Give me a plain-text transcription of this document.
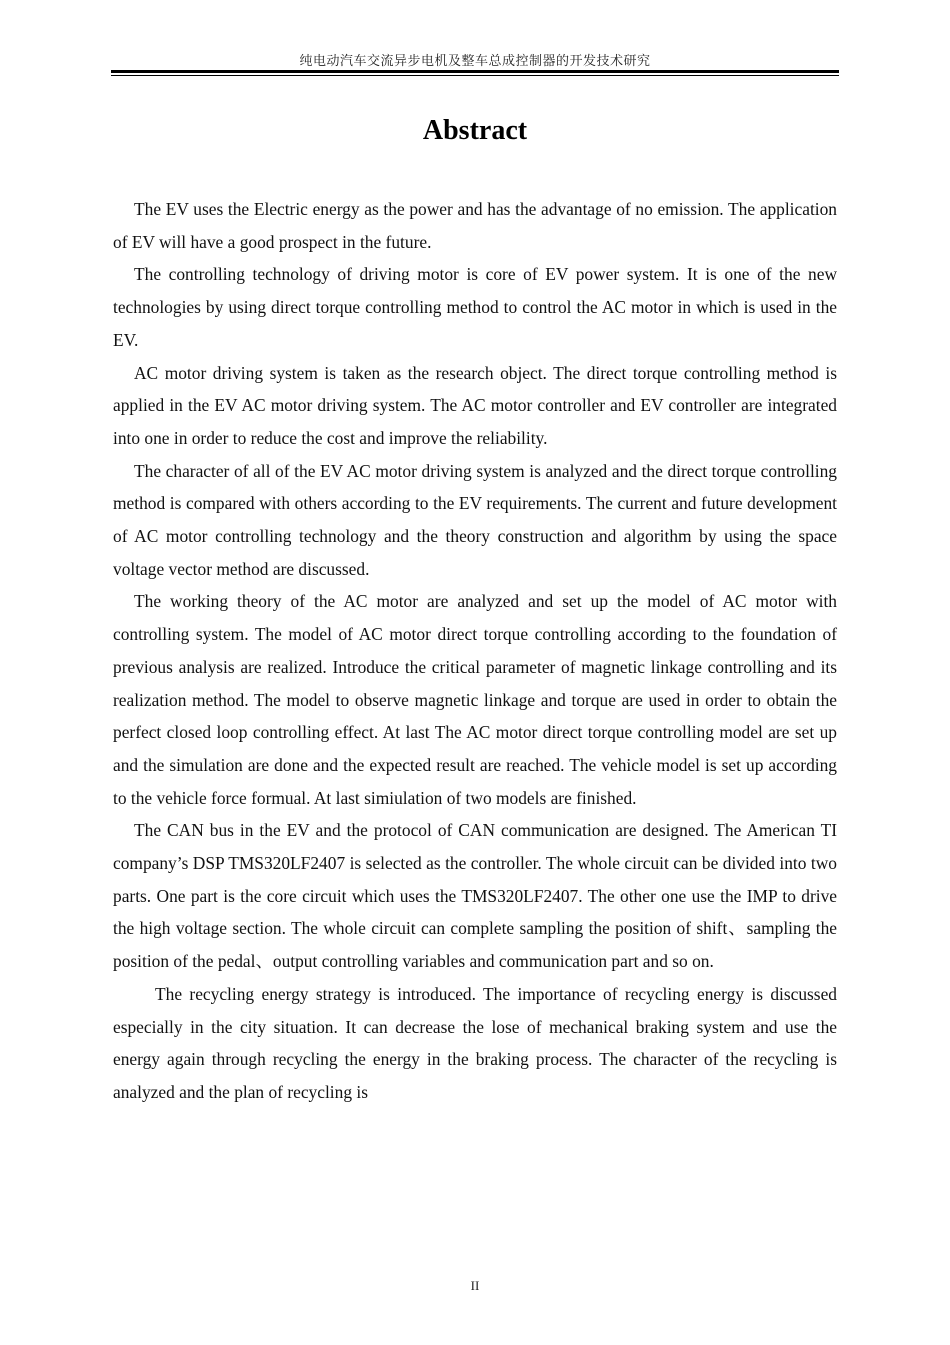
纯电动汽车交流异步电机及整车总成控制器的开发技术研究
Abstract

The EV uses the Electric energy as the power and has the advantage of no emission. The application of EV will have a good prospect in the future.

The controlling technology of driving motor is core of EV power system. It is one of the new technologies by using direct torque controlling method to control the AC motor in which is used in the EV.

AC motor driving system is taken as the research object. The direct torque controlling method is applied in the EV AC motor driving system. The AC motor controller and EV controller are integrated into one in order to reduce the cost and improve the reliability.

The character of all of the EV AC motor driving system is analyzed and the direct torque controlling method is compared with others according to the EV requirements. The current and future development of AC motor controlling technology and the theory construction and algorithm by using the space voltage vector method are discussed.

The working theory of the AC motor are analyzed and set up the model of AC motor with controlling system. The model of AC motor direct torque controlling according to the foundation of previous analysis are realized. Introduce the critical parameter of magnetic linkage controlling and its realization method. The model to observe magnetic linkage and torque are used in order to obtain the perfect closed loop controlling effect. At last The AC motor direct torque controlling model are set up and the simulation are done and the expected result are reached. The vehicle model is set up according to the vehicle force formual. At last simiulation of two models are finished.

The CAN bus in the EV and the protocol of CAN communication are designed. The American TI company’s DSP TMS320LF2407 is selected as the controller. The whole circuit can be divided into two parts. One part is the core circuit which uses the TMS320LF2407. The other one use the IMP to drive the high voltage section. The whole circuit can complete sampling the position of shift、sampling the position of the pedal、output controlling variables and communication part and so on.

The recycling energy strategy is introduced. The importance of recycling energy is discussed especially in the city situation. It can decrease the lose of mechanical braking system and use the energy again through recycling the energy in the braking process. The character of the recycling is analyzed and the plan of recycling is

II
